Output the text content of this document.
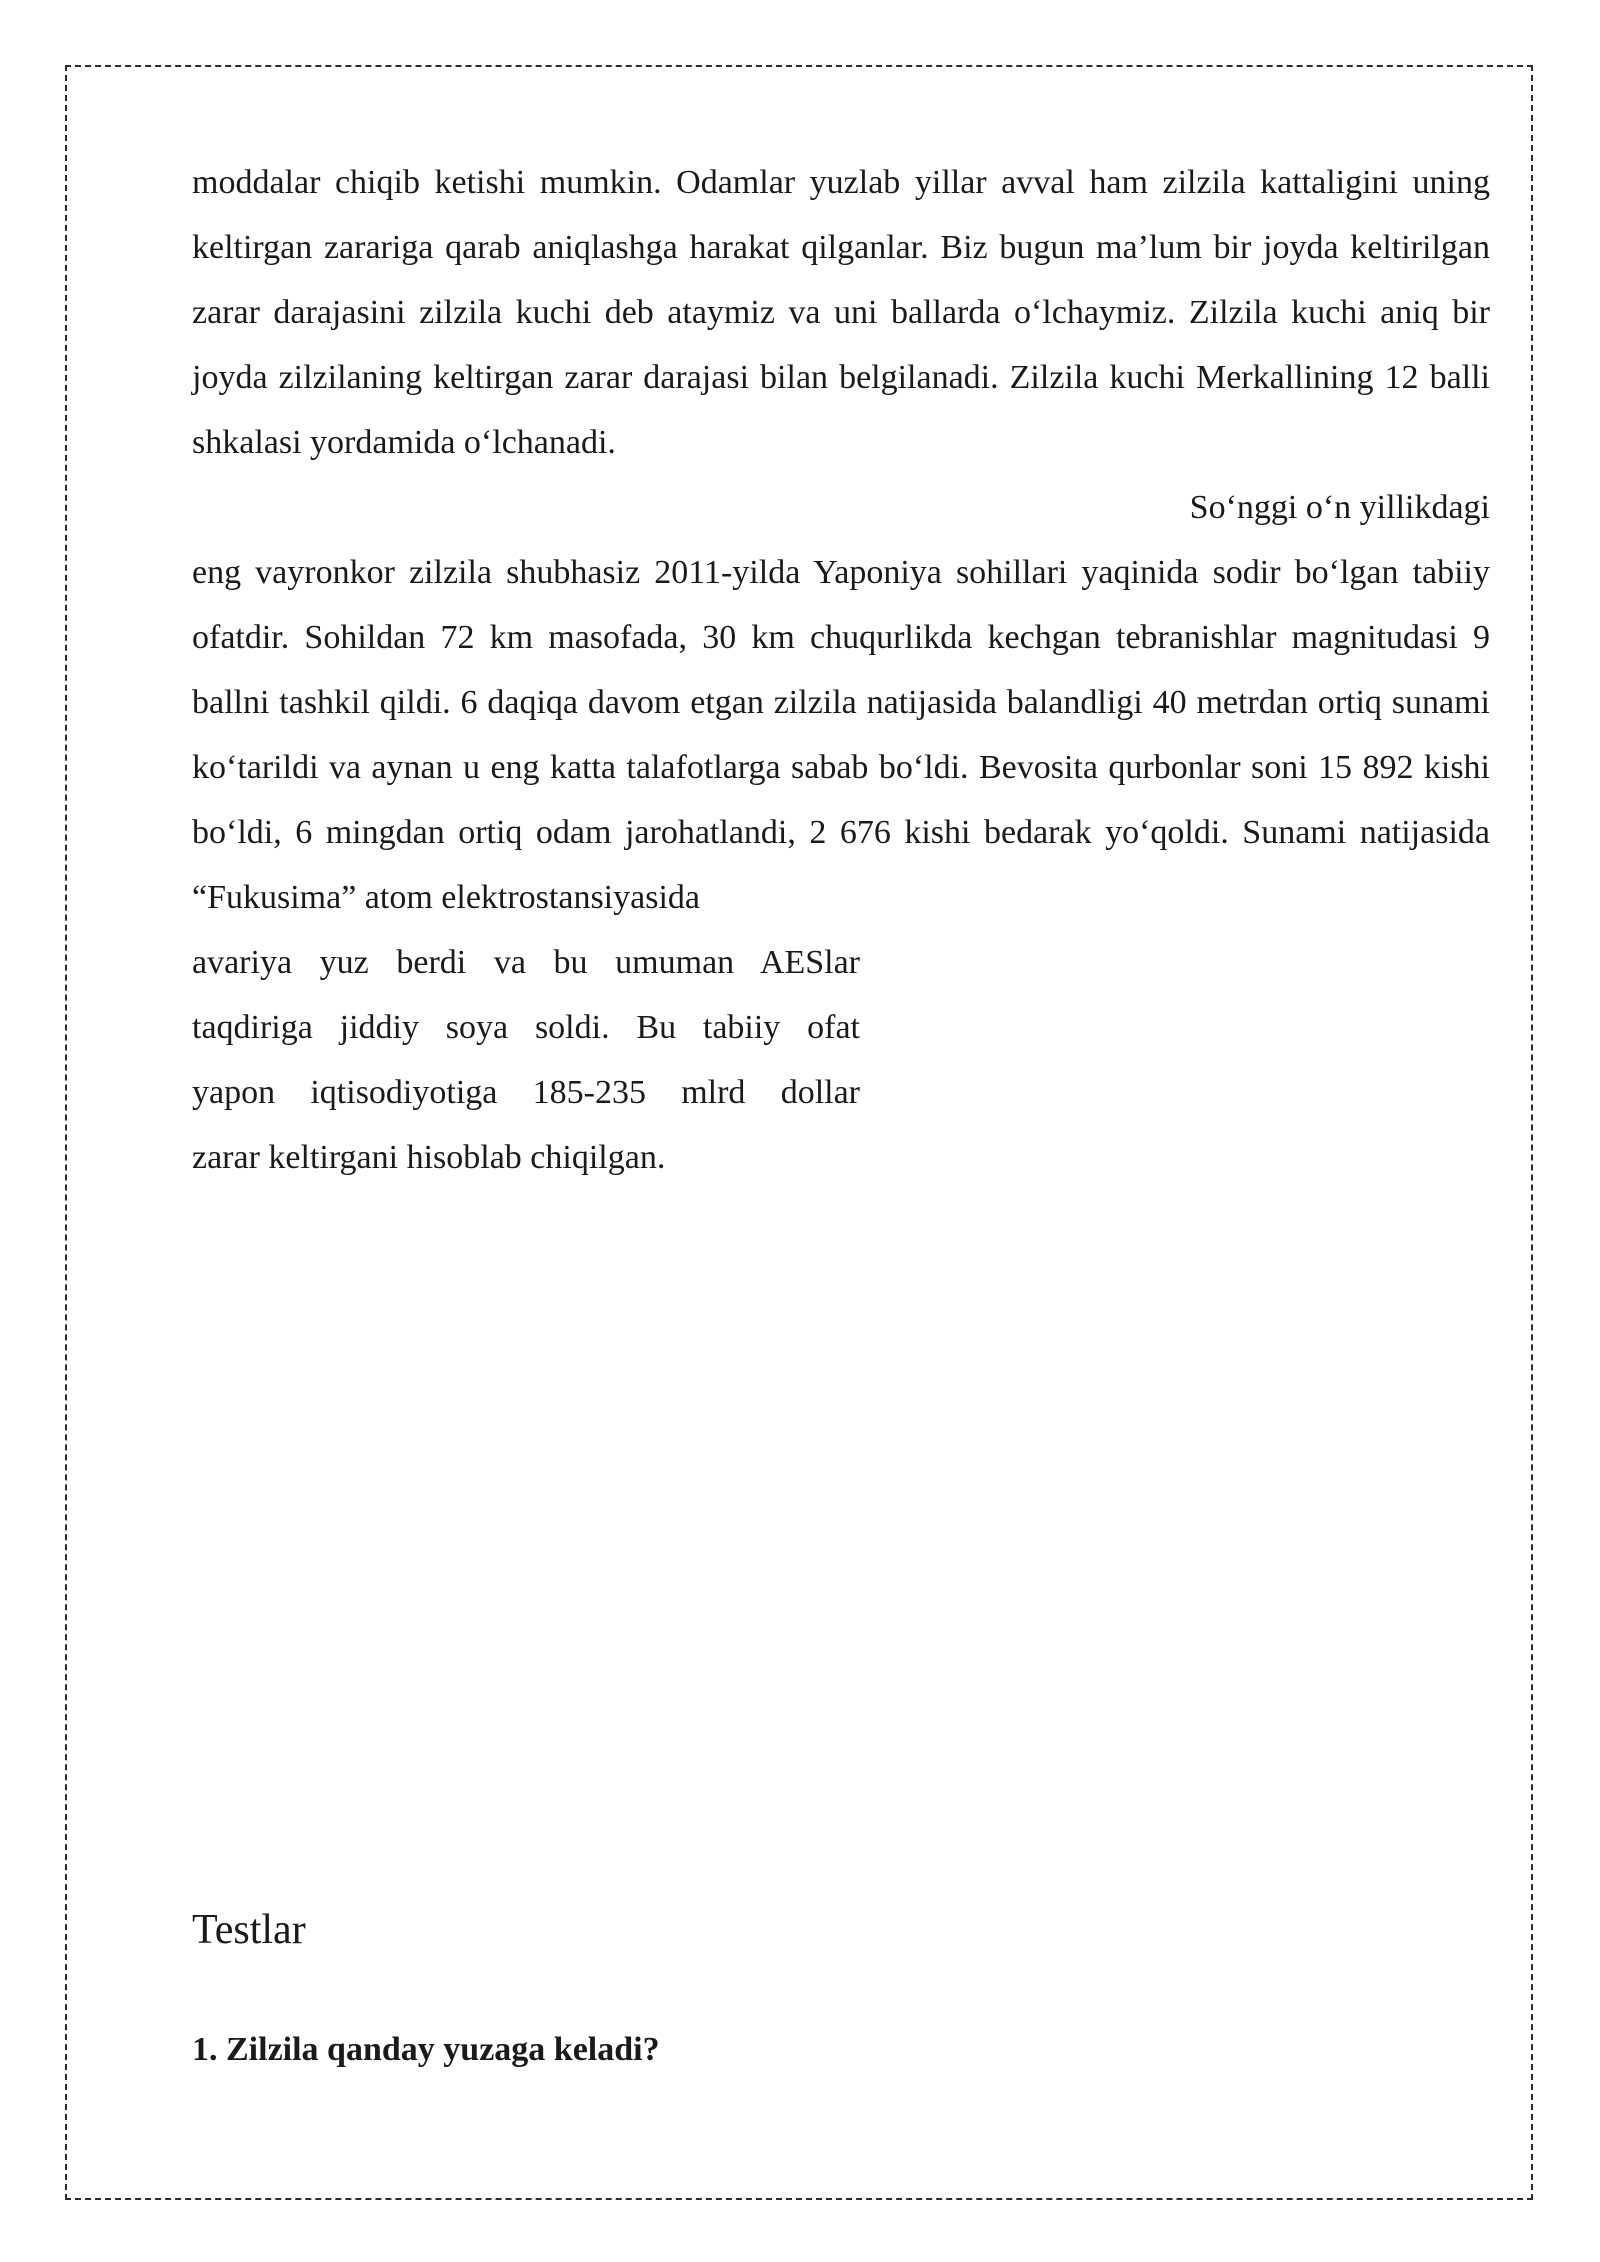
moddalar chiqib ketishi mumkin. Odamlar yuzlab yillar avval ham zilzila kattaligini uning keltirgan zarariga qarab aniqlashga harakat qilganlar. Biz bugun ma’lum bir joyda keltirilgan zarar darajasini zilzila kuchi deb ataymiz va uni ballarda o‘lchaymiz. Zilzila kuchi aniq bir joyda zilzilaning keltirgan zarar darajasi bilan belgilanadi. Zilzila kuchi Merkallining 12 balli shkalasi yordamida o‘lchanadi.

So‘nggi o‘n yillikdagi

eng vayronkor zilzila shubhasiz 2011-yilda Yaponiya sohillari yaqinida sodir bo‘lgan tabiiy ofatdir. Sohildan 72 km masofada, 30 km chuqurlikda kechgan tebranishlar magnitudasi 9 ballni tashkil qildi. 6 daqiqa davom etgan zilzila natijasida balandligi 40 metrdan ortiq sunami ko‘tarildi va aynan u eng katta talafotlarga sabab bo‘ldi. Bevosita qurbonlar soni 15 892 kishi bo‘ldi, 6 mingdan ortiq odam jarohatlandi, 2 676 kishi bedarak yo‘qoldi. Sunami natijasida “Fukusima” atom elektrostansiyasida

avariya yuz berdi va bu umuman AESlar
taqdiriga jiddiy soya soldi. Bu tabiiy ofat
yapon iqtisodiyotiga 185-235 mlrd dollar
zarar keltirgani hisoblab chiqilgan.
Testlar

1. Zilzila qanday yuzaga keladi?
